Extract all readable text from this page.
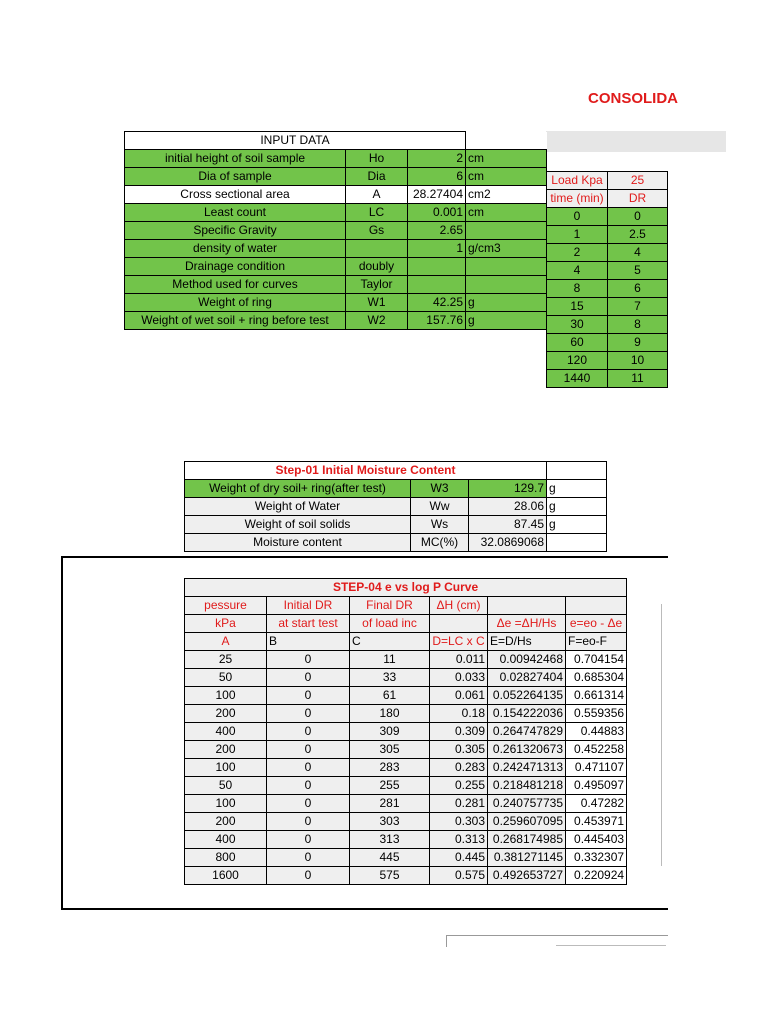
CONSOLIDA
INPUT DATA			
initial height of soil sample	Ho	2	cm
Dia of sample	Dia	6	cm
Cross sectional area	A	28.27404	cm2
Least count	LC	0.001	cm
Specific Gravity	Gs	2.65	
density of water		1	g/cm3
Drainage condition	doubly		
Method used for curves	Taylor		
Weight of ring	W1	42.25	g
Weight of wet soil + ring before test	W2	157.76	g
Load Kpa	25
time (min)	DR
0	0
1	2.5
2	4
4	5
8	6
15	7
30	8
60	9
120	10
1440	11
Step-01 Initial Moisture Content			
Weight of dry soil+ ring(after test)	W3	129.7	g
Weight of Water	Ww	28.06	g
Weight of soil solids	Ws	87.45	g
Moisture content	MC(%)	32.0869068	
STEP-04 e vs log P Curve					
pessure	Initial DR	Final DR	ΔH (cm)		
kPa	at start test	of load inc		Δe =ΔH/Hs	e=eo - Δe
A	B	C	D=LC x C	E=D/Hs	F=eo-F
25	0	11	0.011	0.00942468	0.704154
50	0	33	0.033	0.02827404	0.685304
100	0	61	0.061	0.052264135	0.661314
200	0	180	0.18	0.154222036	0.559356
400	0	309	0.309	0.264747829	0.44883
200	0	305	0.305	0.261320673	0.452258
100	0	283	0.283	0.242471313	0.471107
50	0	255	0.255	0.218481218	0.495097
100	0	281	0.281	0.240757735	0.47282
200	0	303	0.303	0.259607095	0.453971
400	0	313	0.313	0.268174985	0.445403
800	0	445	0.445	0.381271145	0.332307
1600	0	575	0.575	0.492653727	0.220924
